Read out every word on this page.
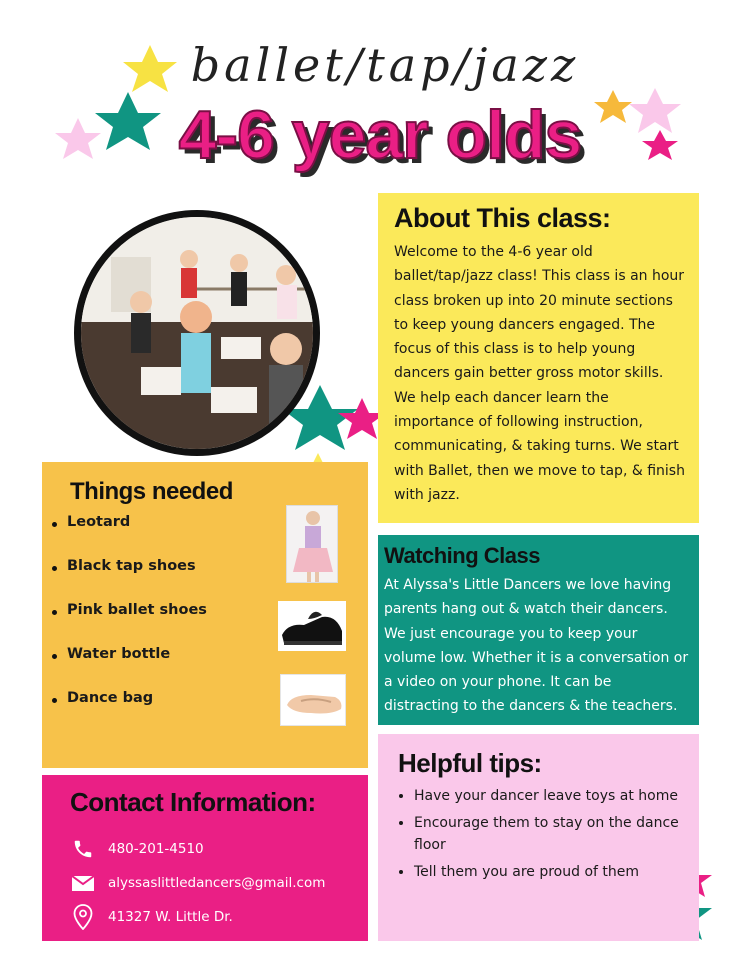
ballet/tap/jazz
4-6 year olds
About This class:
Welcome to the 4-6 year old ballet/tap/jazz class! This class is an hour class broken up into 20 minute sections to keep young dancers engaged. The focus of this class is to help young dancers gain better gross motor skills. We help each dancer learn the importance of following instruction, communicating, & taking turns. We start with Ballet, then we move to tap, & finish with jazz.
Watching Class
At Alyssa's Little Dancers we love having parents hang out & watch their dancers. We just encourage you to keep your volume low. Whether it is a conversation or a video on your phone. It can be distracting to the dancers & the teachers.
Things needed
Leotard
Black tap shoes
Pink ballet shoes
Water bottle
Dance bag
Helpful tips:
• Have your dancer leave toys at home
• Encourage them to stay on the dance floor
• Tell them you are proud of them
Contact Information:
480-201-4510
alyssaslittledancers@gmail.com
41327 W. Little Dr.
